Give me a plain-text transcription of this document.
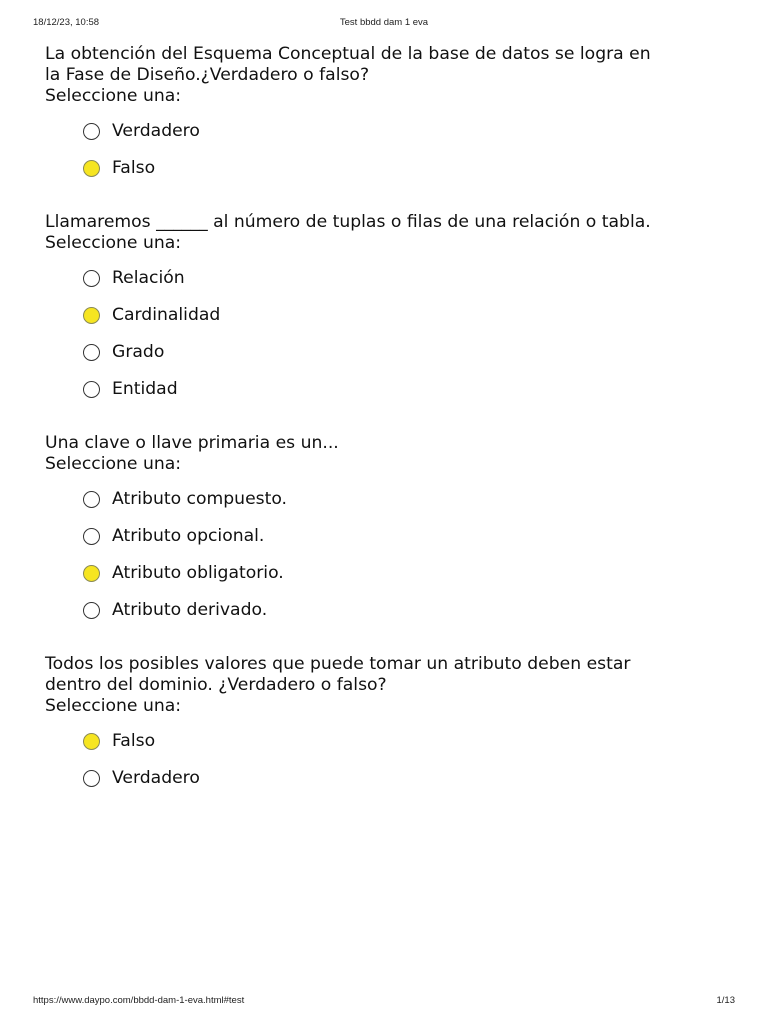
18/12/23, 10:58	Test bbdd dam 1 eva

La obtención del Esquema Conceptual de la base de datos se logra en
la Fase de Diseño.¿Verdadero o falso?

Seleccione una:

Verdadero
Falso

Llamaremos ______ al número de tuplas o filas de una relación o tabla.

Seleccione una:

Relación
Cardinalidad
Grado
Entidad

Una clave o llave primaria es un...

Seleccione una:

Atributo compuesto.
Atributo opcional.
Atributo obligatorio.
Atributo derivado.

Todos los posibles valores que puede tomar un atributo deben estar
dentro del dominio. ¿Verdadero o falso?

Seleccione una:

Falso
Verdadero
https://www.daypo.com/bbdd-dam-1-eva.html#test	1/13
